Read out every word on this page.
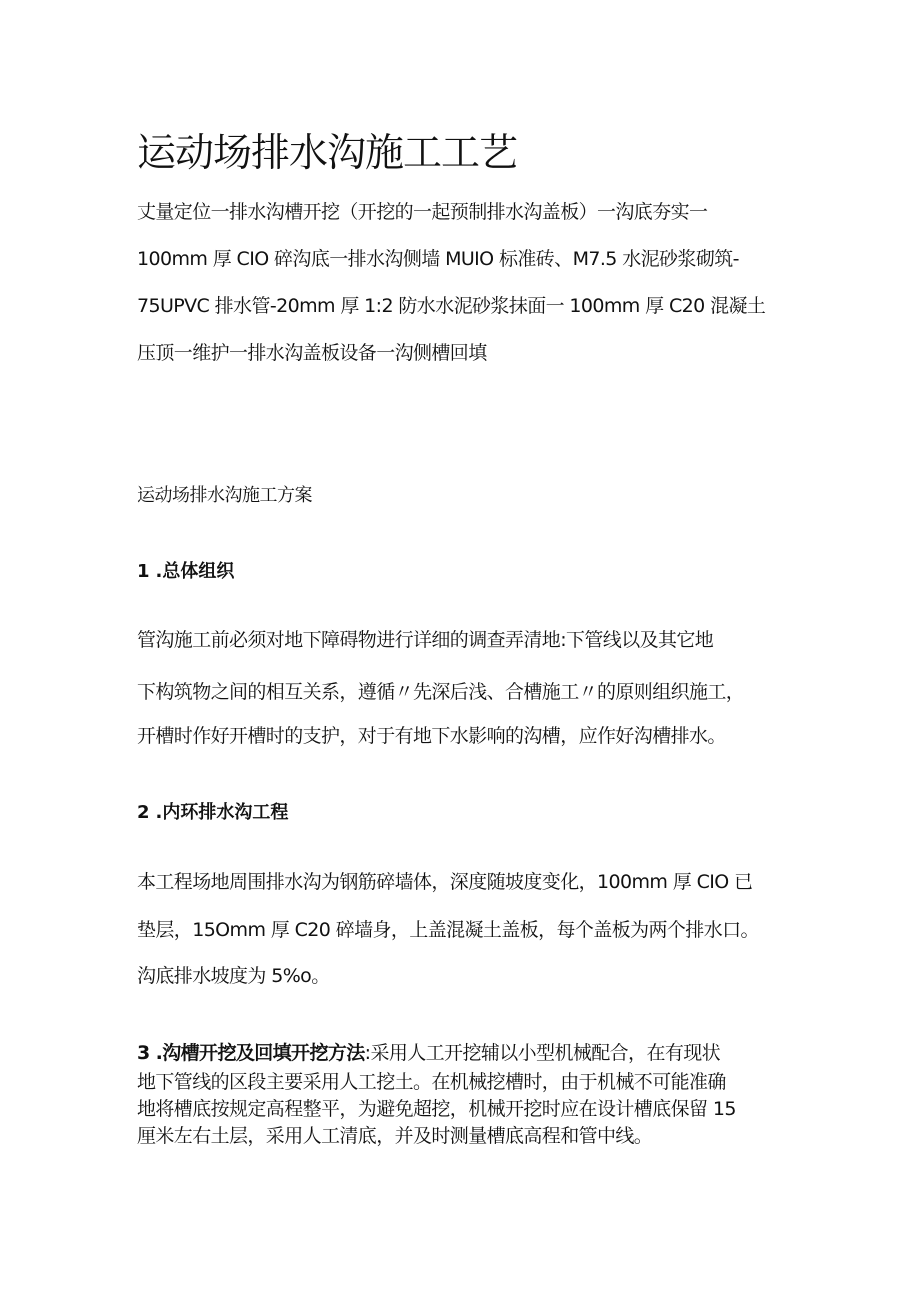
运动场排水沟施工工艺
丈量定位一排水沟槽开挖（开挖的一起预制排水沟盖板）一沟底夯实一
100mm 厚 CIO 碎沟底一排水沟侧墙 MUIO 标准砖、M7.5 水泥砂浆砌筑-
75UPVC 排水管-20mm 厚 1:2 防水水泥砂浆抹面一 100mm 厚 C20 混凝土
压顶一维护一排水沟盖板设备一沟侧槽回填
运动场排水沟施工方案
1 .总体组织
管沟施工前必须对地下障碍物进行详细的调查弄清地:下管线以及其它地
下构筑物之间的相互关系，遵循〃先深后浅、合槽施工〃的原则组织施工，
开槽时作好开槽时的支护，对于有地下水影响的沟槽，应作好沟槽排水。
2 .内环排水沟工程
本工程场地周围排水沟为钢筋碎墙体，深度随坡度变化，100mm 厚 CIO 已
垫层，15Omm 厚 C20 碎墙身，上盖混凝土盖板，每个盖板为两个排水口。
沟底排水坡度为 5%o。
3 .沟槽开挖及回填开挖方法:采用人工开挖辅以小型机械配合，在有现状
地下管线的区段主要采用人工挖土。在机械挖槽时，由于机械不可能准确
地将槽底按规定高程整平，为避免超挖，机械开挖时应在设计槽底保留 15
厘米左右土层，采用人工清底，并及时测量槽底高程和管中线。
